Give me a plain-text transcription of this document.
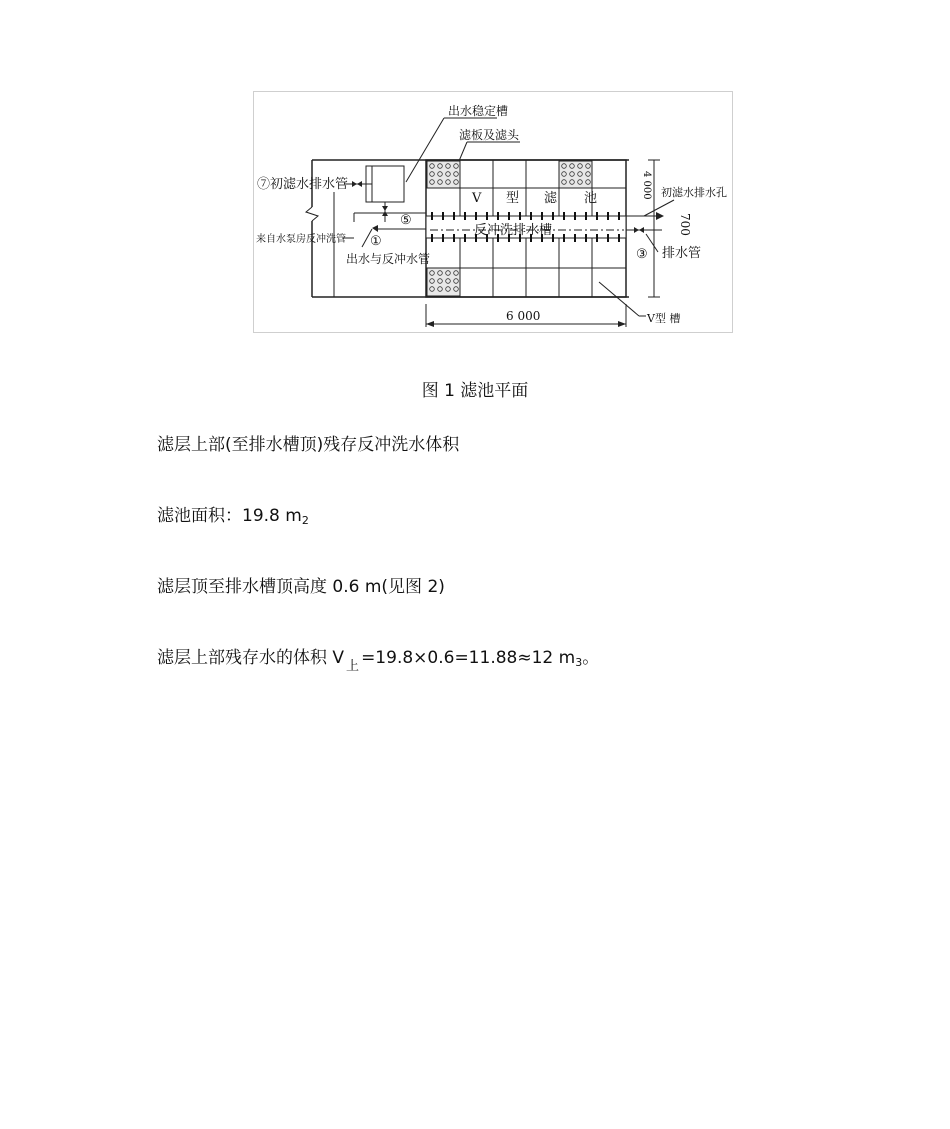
出水稳定槽
滤板及滤头
⑦初滤水排水管
V 型 滤 池	初滤水排水孔
4 000
700
来自水泵房反冲洗管
反冲洗排水槽
⑤
①
③
出水与反冲水管	排水管
6 000	V型 槽
图 1 滤池平面
滤层上部(至排水槽顶)残存反冲洗水体积
滤池面积：19.8 m2
滤层顶至排水槽顶高度 0.6 m(见图 2)
滤层上部残存水的体积 V $_上$ =19.8×0.6=11.88≈12 m3。
